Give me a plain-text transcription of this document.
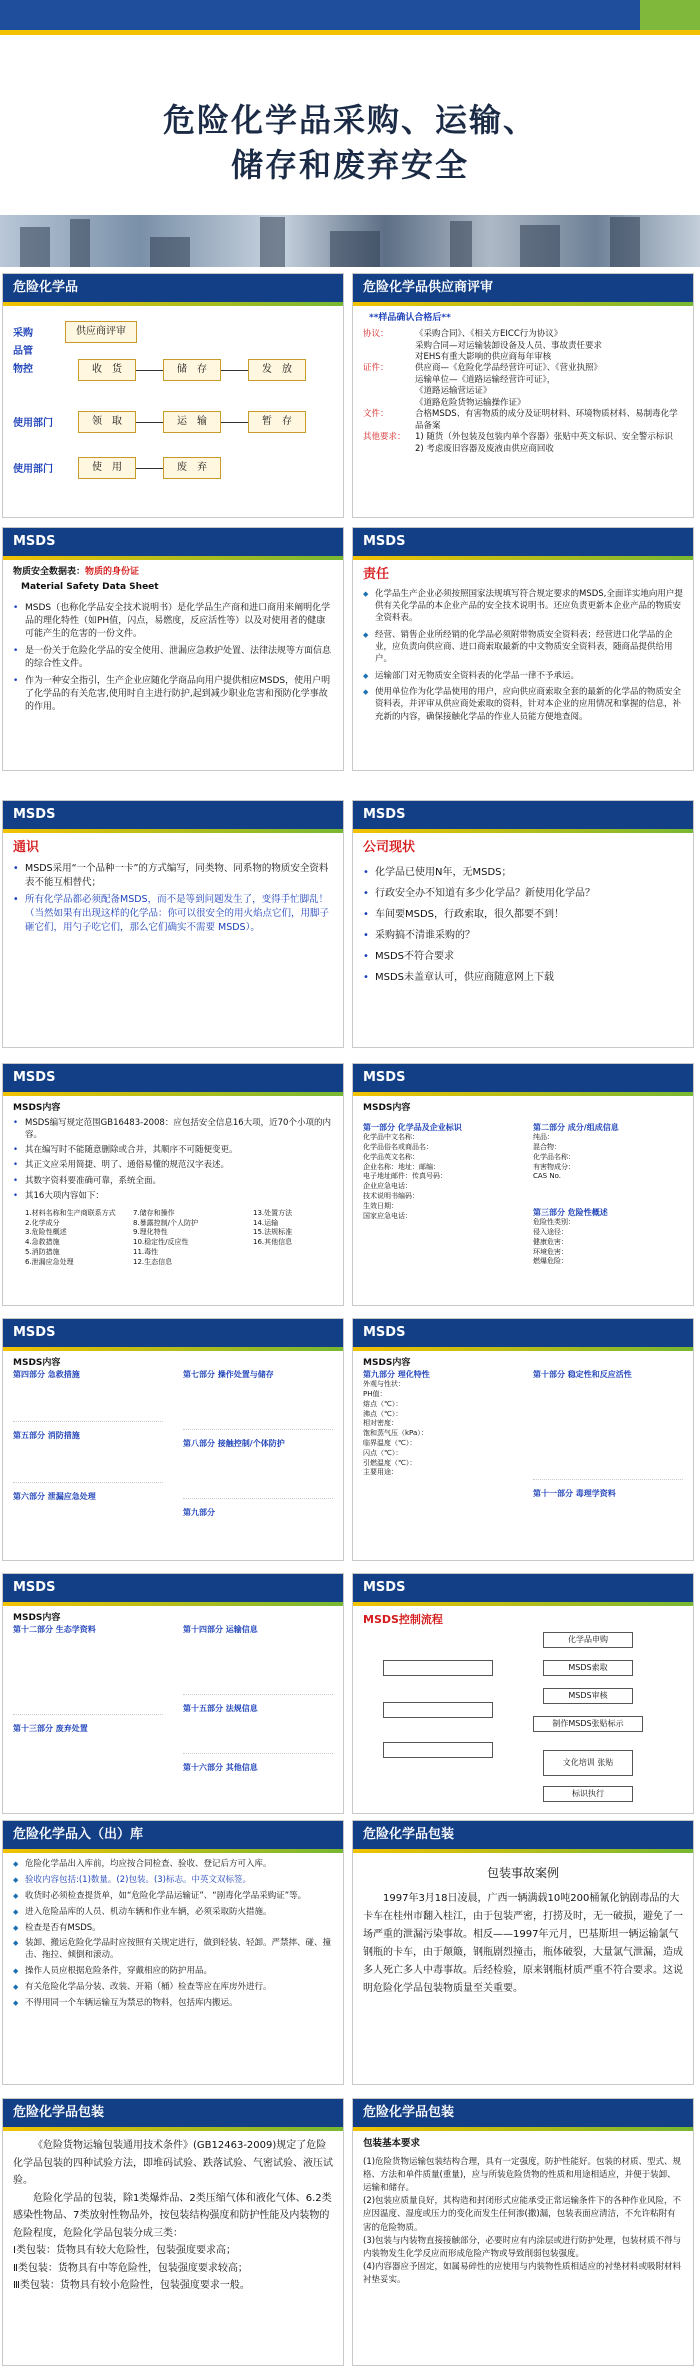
危险化学品采购、运输、
储存和废弃安全
危险化学品
采购
品管
物控
使用部门
使用部门
供应商评审
收　货	储　存	发　放
领　取	运　输	暂　存
使　用	废　弃
危险化学品供应商评审
**样品确认合格后**
协议：	《采购合同》、《相关方EICC行为协议》
采购合同—对运输装卸设备及人员、事故责任要求
对EHS有重大影响的供应商每年审核
证件：	供应商—《危险化学品经营许可证》、《营业执照》
运输单位—《道路运输经营许可证》，
《道路运输营运证》
《道路危险货物运输操作证》
文件：	合格MSDS、有害物质的成分及证明材料、环境物质材料、易制毒化学品备案
其他要求：	1) 随货（外包装及包装内单个容器）张贴中英文标识、安全警示标识
2) 考虑废旧容器及废液由供应商回收
MSDS
物质安全数据表：物质的身份证
Material Safety Data Sheet
• MSDS（也称化学品安全技术说明书）是化学品生产商和进口商用来阐明化学品的理化特性（如PH值，闪点，易燃度，反应活性等）以及对使用者的健康可能产生的危害的一份文件。
• 是一份关于危险化学品的安全使用、泄漏应急救护处置、法律法规等方面信息的综合性文件。
• 作为一种安全指引，生产企业应随化学商品向用户提供相应MSDS，使用户明了化学品的有关危害,使用时自主进行防护,起到减少职业危害和预防化学事故的作用。
MSDS
责任
◆ 化学品生产企业必须按照国家法规填写符合规定要求的MSDS,全面详实地向用户提供有关化学品的本企业产品的安全技术说明书。还应负责更新本企业产品的物质安全资料表。
◆ 经营、销售企业所经销的化学品必须附带物质安全资料表；经营进口化学品的企业，应负责向供应商、进口商索取最新的中文物质安全资料表，随商品提供给用户。
◆ 运输部门对无物质安全资料表的化学品一律不予承运。
◆ 使用单位作为化学品使用的用户，应向供应商索取全套的最新的化学品的物质安全资料表，并评审从供应商处索取的资料，针对本企业的应用情况和掌握的信息，补充新的内容，确保接触化学品的作业人员能方便地查阅。
MSDS
通识
• MSDS采用“一个品种一卡”的方式编写，同类物、同系物的物质安全资料表不能互相替代；
• 所有化学品都必须配备MSDS，而不是等到问题发生了，变得手忙脚乱！（当然如果有出现这样的化学品：你可以很安全的用火焰点它们，用脚子砸它们，用勺子吃它们，那么它们确实不需要 MSDS）。
MSDS
公司现状
• 化学品已使用N年，无MSDS；
• 行政安全办不知道有多少化学品？新使用化学品？
• 车间要MSDS，行政索取，很久都要不到！
• 采购搞不清谁采购的？
• MSDS不符合要求
• MSDS未盖章认可，供应商随意网上下载
MSDS
MSDS内容
• MSDS编写规定范围GB16483-2008：应包括安全信息16大项，近70个小项的内容。
• 其在编写时不能随意删除或合并，其顺序不可随便变更。
• 其正文应采用简捷、明了、通俗易懂的规范汉字表述。
• 其数字资料要准确可靠，系统全面。
• 其16大项内容如下：
1.材料名称和生产商联系方式
2.化学成分
3.危险性概述
4.急救措施
5.消防措施
6.泄漏应急处理
7.储存和操作
8.暴露控制/个人防护
9.理化特性
10.稳定性/反应性
11.毒性
12.生态信息
13.处置方法
14.运输
15.法规标准
16.其他信息
MSDS
MSDS内容
第一部分 化学品及企业标识
化学品中文名称：
化学品俗名或商品名：
化学品英文名称：
企业名称：地址：邮编：
电子地址邮件：传真号码：
企业应急电话：
技术说明书编码：
生效日期：
国家应急电话：
第二部分 成分/组成信息
纯品：
混合物：
化学品名称：
有害物成分：
CAS No.
第三部分 危险性概述
危险性类别：
侵入途径：
健康危害：
环境危害：
燃爆危险：
MSDS
MSDS内容
第四部分 急救措施
第五部分 消防措施
第六部分 泄漏应急处理
第七部分 操作处置与储存
第八部分 接触控制/个体防护
第九部分
MSDS
MSDS内容
第九部分 理化特性
外观与性状：
PH值：
熔点（℃）：
沸点（℃）：
相对密度：
饱和蒸气压（kPa）：
临界温度（℃）：
闪点（℃）：
引燃温度（℃）：
主要用途：
第十部分 稳定性和反应活性
第十一部分 毒理学资料
MSDS
MSDS内容
第十二部分 生态学资料
第十三部分 废弃处置
第十四部分 运输信息
第十五部分 法规信息
第十六部分 其他信息
MSDS
MSDS控制流程
化学品申购
MSDS索取
MSDS审核
制作MSDS张贴标示
文化培训 张贴
标识执行
危险化学品入（出）库
◆ 危险化学品出入库前，均应按合同检查、验收、登记后方可入库。
◆ 验收内容包括:(1)数量。(2)包装。(3)标志。中英文双标签。
◆ 收货时必须检查提货单，如“危险化学品运输证”、“剧毒化学品采购证”等。
◆ 进入危险品库的人员、机动车辆和作业车辆，必须采取防火措施。
◆ 检查是否有MSDS。
◆ 装卸、搬运危险化学品时应按照有关规定进行，做到轻装、轻卸。严禁摔、碰、撞击、拖拉、倾倒和滚动。
◆ 操作人员应根据危险条件，穿戴相应的防护用品。
◆ 有关危险化学品分装、改装、开箱（桶）检查等应在库房外进行。
◆ 不得用同一个车辆运输互为禁忌的物料，包括库内搬运。
危险化学品包装
包装事故案例
1997年3月18日凌晨，广西一辆满载10吨200桶氰化钠剧毒品的大卡车在桂州市翻入桂江，由于包装严密，打捞及时，无一破损，避免了一场严重的泄漏污染事故。相反——1997年元月，巴基斯坦一辆运输氯气钢瓶的卡车，由于颠簸，钢瓶剧烈撞击，瓶体破裂，大量氯气泄漏，造成多人死亡多人中毒事故。后经检验，原来钢瓶材质严重不符合要求。这说明危险化学品包装物质量至关重要。
危险化学品包装

《危险货物运输包装通用技术条件》(GB12463-2009)规定了危险化学品包装的四种试验方法，即堆码试验、跌落试验、气密试验、液压试验。

危险化学品的包装，除1类爆炸品、2类压缩气体和液化气体、6.2类感染性物品、7类放射性物品外，按包装结构强度和防护性能及内装物的危险程度，危险化学品包装分成三类：

Ⅰ类包装：货物具有较大危险性，包装强度要求高；

Ⅱ类包装：货物具有中等危险性，包装强度要求较高；

Ⅲ类包装：货物具有较小危险性，包装强度要求一般。

危险化学品包装
包装基本要求

(1)危险货物运输包装结构合理，具有一定强度，防护性能好。包装的材质、型式、规格、方法和单件质量(重量)，应与所装危险货物的性质和用途相适应，并便于装卸、运输和储存。

(2)包装应质量良好，其构造和封闭形式应能承受正常运输条件下的各种作业风险，不应因温度、湿度或压力的变化而发生任何渗(撒)漏，包装表面应清洁，不允许粘附有害的危险物质。

(3)包装与内装物直接接触部分，必要时应有内涂层或进行防护处理，包装材质不得与内装物发生化学反应而形成危险产物或导致削弱包装强度。

(4)内容器应予固定，如属易碎性的应使用与内装物性质相适应的衬垫材料或吸附材料衬垫妥实。
